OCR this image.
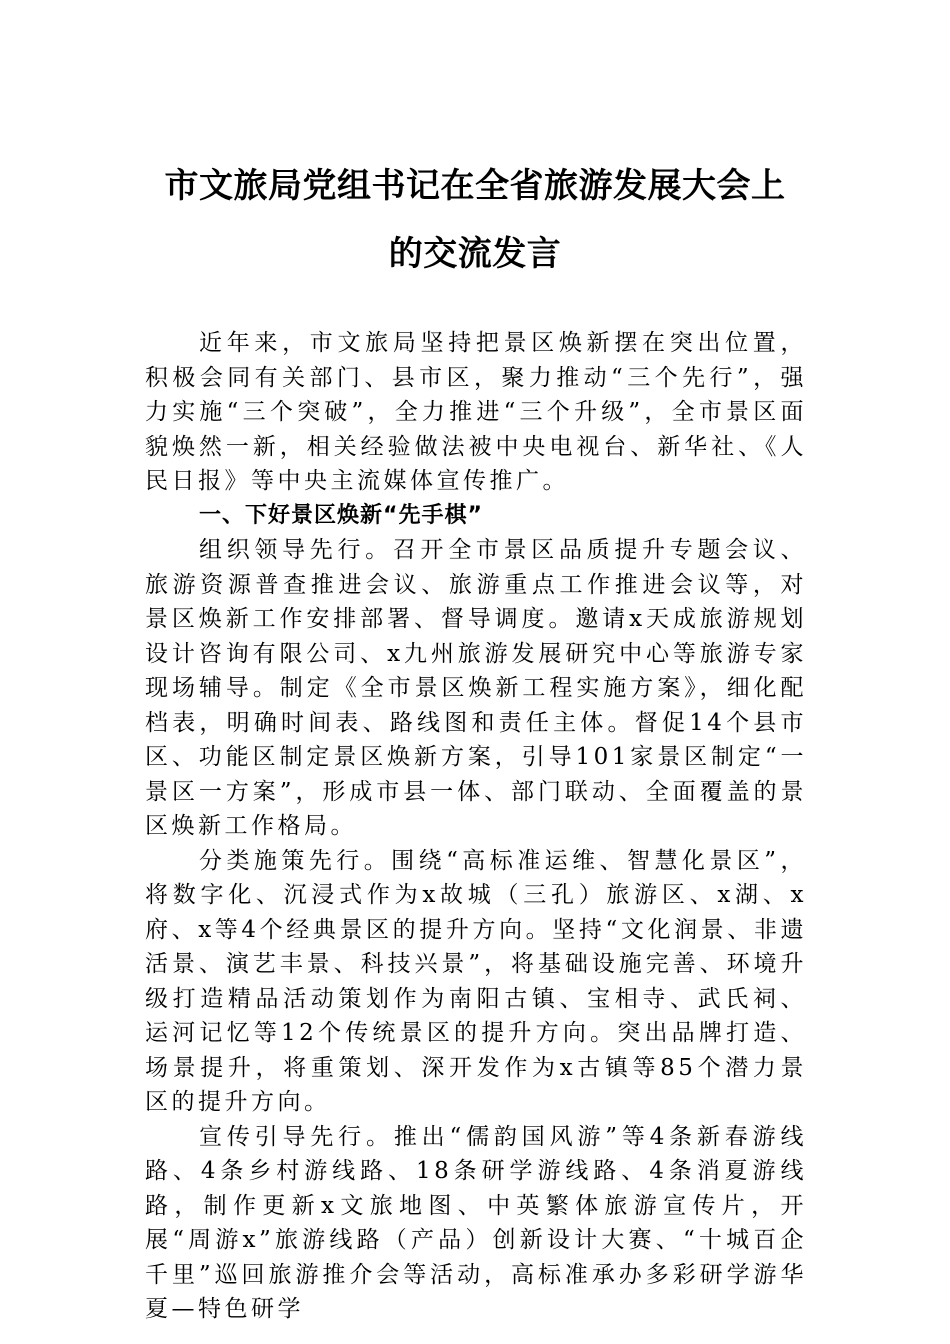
市文旅局党组书记在全省旅游发展大会上
的交流发言

近年来，市文旅局坚持把景区焕新摆在突出位置，积极会同有关部门、县市区，聚力推动“三个先行”，强力实施“三个突破”，全力推进“三个升级”，全市景区面貌焕然一新，相关经验做法被中央电视台、新华社、《人民日报》等中央主流媒体宣传推广。

一、下好景区焕新“先手棋”

组织领导先行。召开全市景区品质提升专题会议、旅游资源普查推进会议、旅游重点工作推进会议等，对景区焕新工作安排部署、督导调度。邀请x天成旅游规划设计咨询有限公司、x九州旅游发展研究中心等旅游专家现场辅导。制定《全市景区焕新工程实施方案》，细化配档表，明确时间表、路线图和责任主体。督促14个县市区、功能区制定景区焕新方案，引导101家景区制定“一景区一方案”，形成市县一体、部门联动、全面覆盖的景区焕新工作格局。

分类施策先行。围绕“高标准运维、智慧化景区”，将数字化、沉浸式作为x故城（三孔）旅游区、x湖、x府、x等4个经典景区的提升方向。坚持“文化润景、非遗活景、演艺丰景、科技兴景”，将基础设施完善、环境升级打造精品活动策划作为南阳古镇、宝相寺、武氏祠、运河记忆等12个传统景区的提升方向。突出品牌打造、场景提升，将重策划、深开发作为x古镇等85个潜力景区的提升方向。

宣传引导先行。推出“儒韵国风游”等4条新春游线路、4条乡村游线路、18条研学游线路、4条消夏游线路，制作更新x文旅地图、中英繁体旅游宣传片，开展“周游x”旅游线路（产品）创新设计大赛、“十城百企千里”巡回旅游推介会等活动，高标准承办多彩研学游华夏—特色研学
